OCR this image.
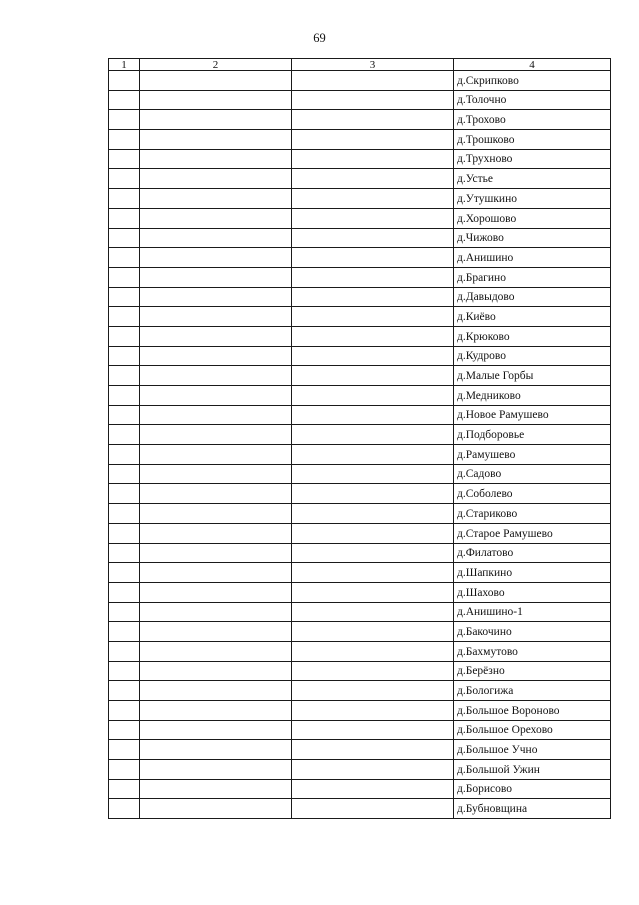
69
1	2	3	4
			д.Скрипково
			д.Толочно
			д.Трохово
			д.Трошково
			д.Трухново
			д.Устье
			д.Утушкино
			д.Хорошово
			д.Чижово
			д.Анишино
			д.Брагино
			д.Давыдово
			д.Киёво
			д.Крюково
			д.Кудрово
			д.Малые Горбы
			д.Медниково
			д.Новое Рамушево
			д.Подборовье
			д.Рамушево
			д.Садово
			д.Соболево
			д.Стариково
			д.Старое Рамушево
			д.Филатово
			д.Шапкино
			д.Шахово
			д.Анишино-1
			д.Бакочино
			д.Бахмутово
			д.Берёзно
			д.Бологижа
			д.Большое Вороново
			д.Большое Орехово
			д.Большое Учно
			д.Большой Ужин
			д.Борисово
			д.Бубновщина
